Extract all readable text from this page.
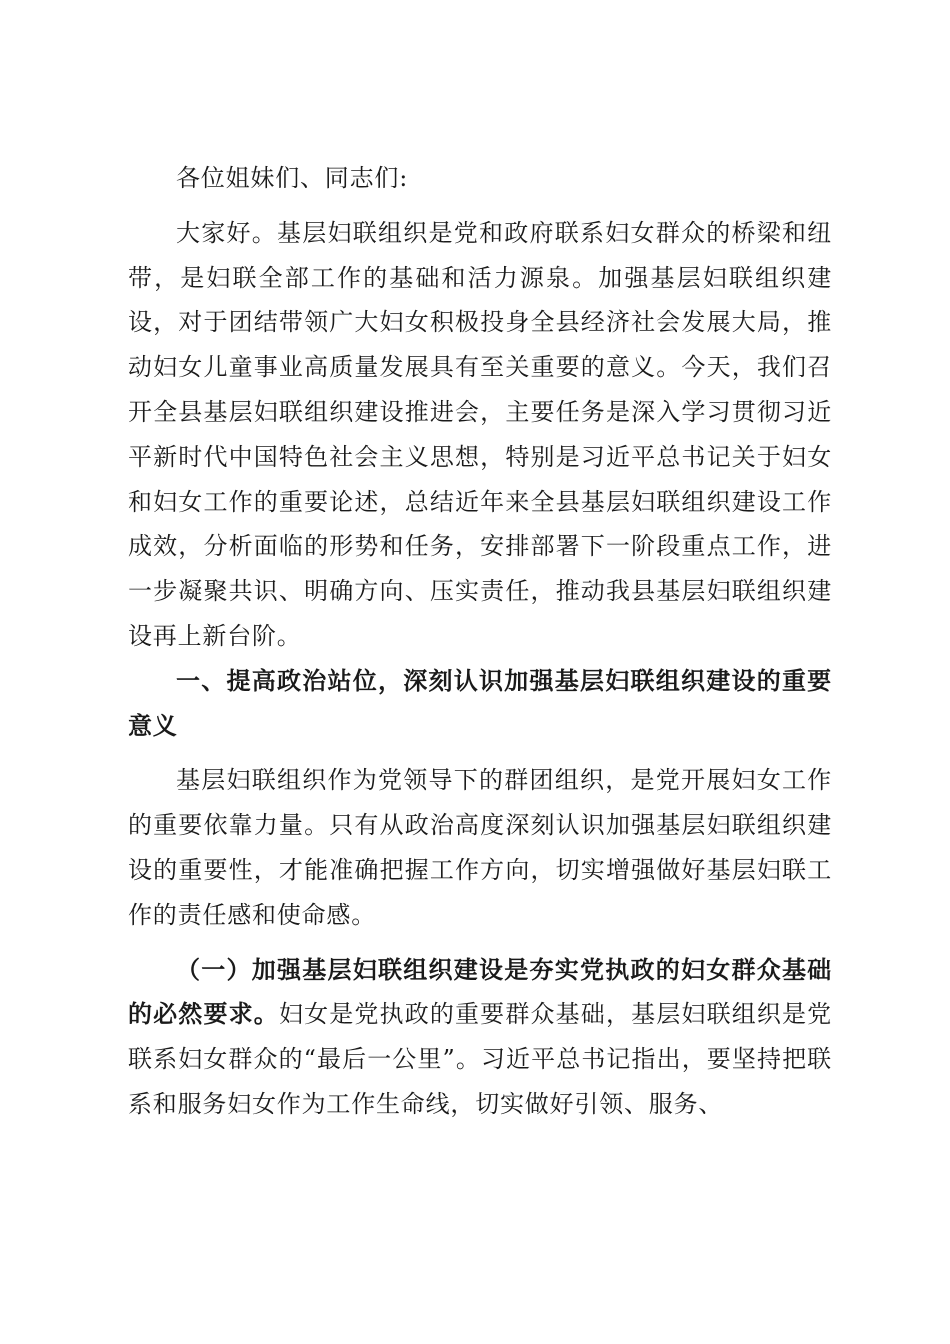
各位姐妹们、同志们:

大家好。基层妇联组织是党和政府联系妇女群众的桥梁和纽带，是妇联全部工作的基础和活力源泉。加强基层妇联组织建设，对于团结带领广大妇女积极投身全县经济社会发展大局，推动妇女儿童事业高质量发展具有至关重要的意义。今天，我们召开全县基层妇联组织建设推进会，主要任务是深入学习贯彻习近平新时代中国特色社会主义思想，特别是习近平总书记关于妇女和妇女工作的重要论述，总结近年来全县基层妇联组织建设工作成效，分析面临的形势和任务，安排部署下一阶段重点工作，进一步凝聚共识、明确方向、压实责任，推动我县基层妇联组织建设再上新台阶。

一、提高政治站位，深刻认识加强基层妇联组织建设的重要意义

基层妇联组织作为党领导下的群团组织，是党开展妇女工作的重要依靠力量。只有从政治高度深刻认识加强基层妇联组织建设的重要性，才能准确把握工作方向，切实增强做好基层妇联工作的责任感和使命感。

（一）加强基层妇联组织建设是夯实党执政的妇女群众基础的必然要求。妇女是党执政的重要群众基础，基层妇联组织是党联系妇女群众的“最后一公里”。习近平总书记指出，要坚持把联系和服务妇女作为工作生命线，切实做好引领、服务、
